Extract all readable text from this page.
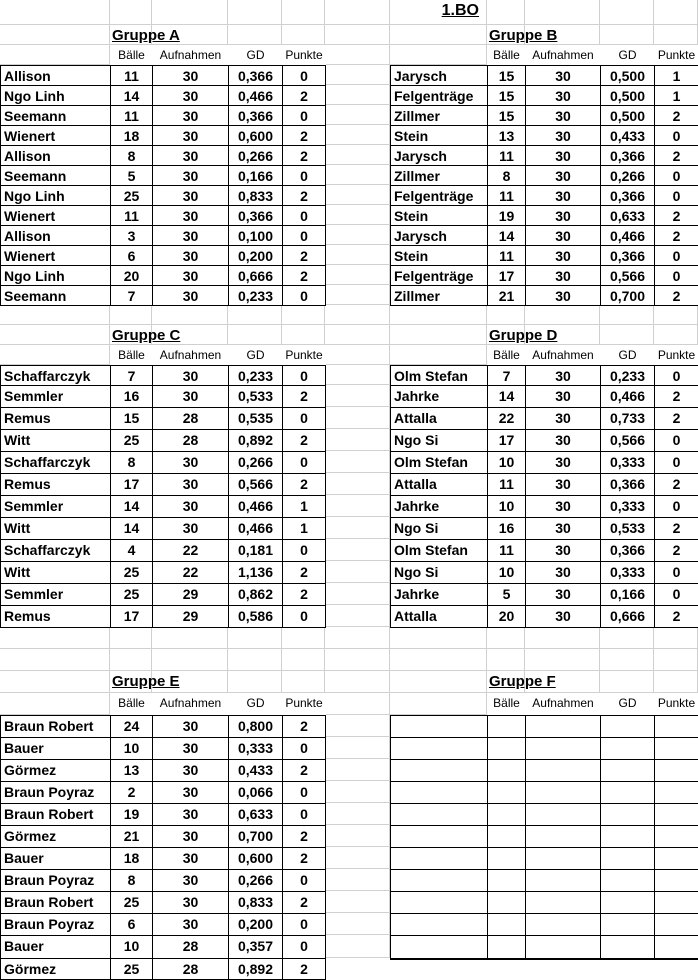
1.BO
Gruppe A
Bälle	Aufnahmen	GD	Punkte
Allison	11	30	0,366	0
Ngo Linh	14	30	0,466	2
Seemann	11	30	0,366	0
Wienert	18	30	0,600	2
Allison	8	30	0,266	2
Seemann	5	30	0,166	0
Ngo Linh	25	30	0,833	2
Wienert	11	30	0,366	0
Allison	3	30	0,100	0
Wienert	6	30	0,200	2
Ngo Linh	20	30	0,666	2
Seemann	7	30	0,233	0
Gruppe B
Bälle	Aufnahmen	GD	Punkte
Jarysch	15	30	0,500	1
Felgenträge	15	30	0,500	1
Zillmer	15	30	0,500	2
Stein	13	30	0,433	0
Jarysch	11	30	0,366	2
Zillmer	8	30	0,266	0
Felgenträge	11	30	0,366	0
Stein	19	30	0,633	2
Jarysch	14	30	0,466	2
Stein	11	30	0,366	0
Felgenträge	17	30	0,566	0
Zillmer	21	30	0,700	2
Gruppe C
Bälle	Aufnahmen	GD	Punkte
Schaffarczyk	7	30	0,233	0
Semmler	16	30	0,533	2
Remus	15	28	0,535	0
Witt	25	28	0,892	2
Schaffarczyk	8	30	0,266	0
Remus	17	30	0,566	2
Semmler	14	30	0,466	1
Witt	14	30	0,466	1
Schaffarczyk	4	22	0,181	0
Witt	25	22	1,136	2
Semmler	25	29	0,862	2
Remus	17	29	0,586	0
Gruppe D
Bälle	Aufnahmen	GD	Punkte
Olm Stefan	7	30	0,233	0
Jahrke	14	30	0,466	2
Attalla	22	30	0,733	2
Ngo Si	17	30	0,566	0
Olm Stefan	10	30	0,333	0
Attalla	11	30	0,366	2
Jahrke	10	30	0,333	0
Ngo Si	16	30	0,533	2
Olm Stefan	11	30	0,366	2
Ngo Si	10	30	0,333	0
Jahrke	5	30	0,166	0
Attalla	20	30	0,666	2
Gruppe E
Bälle	Aufnahmen	GD	Punkte
Braun Robert	24	30	0,800	2
Bauer	10	30	0,333	0
Görmez	13	30	0,433	2
Braun Poyraz	2	30	0,066	0
Braun Robert	19	30	0,633	0
Görmez	21	30	0,700	2
Bauer	18	30	0,600	2
Braun Poyraz	8	30	0,266	0
Braun Robert	25	30	0,833	2
Braun Poyraz	6	30	0,200	0
Bauer	10	28	0,357	0
Görmez	25	28	0,892	2
Gruppe F
Bälle	Aufnahmen	GD	Punkte
